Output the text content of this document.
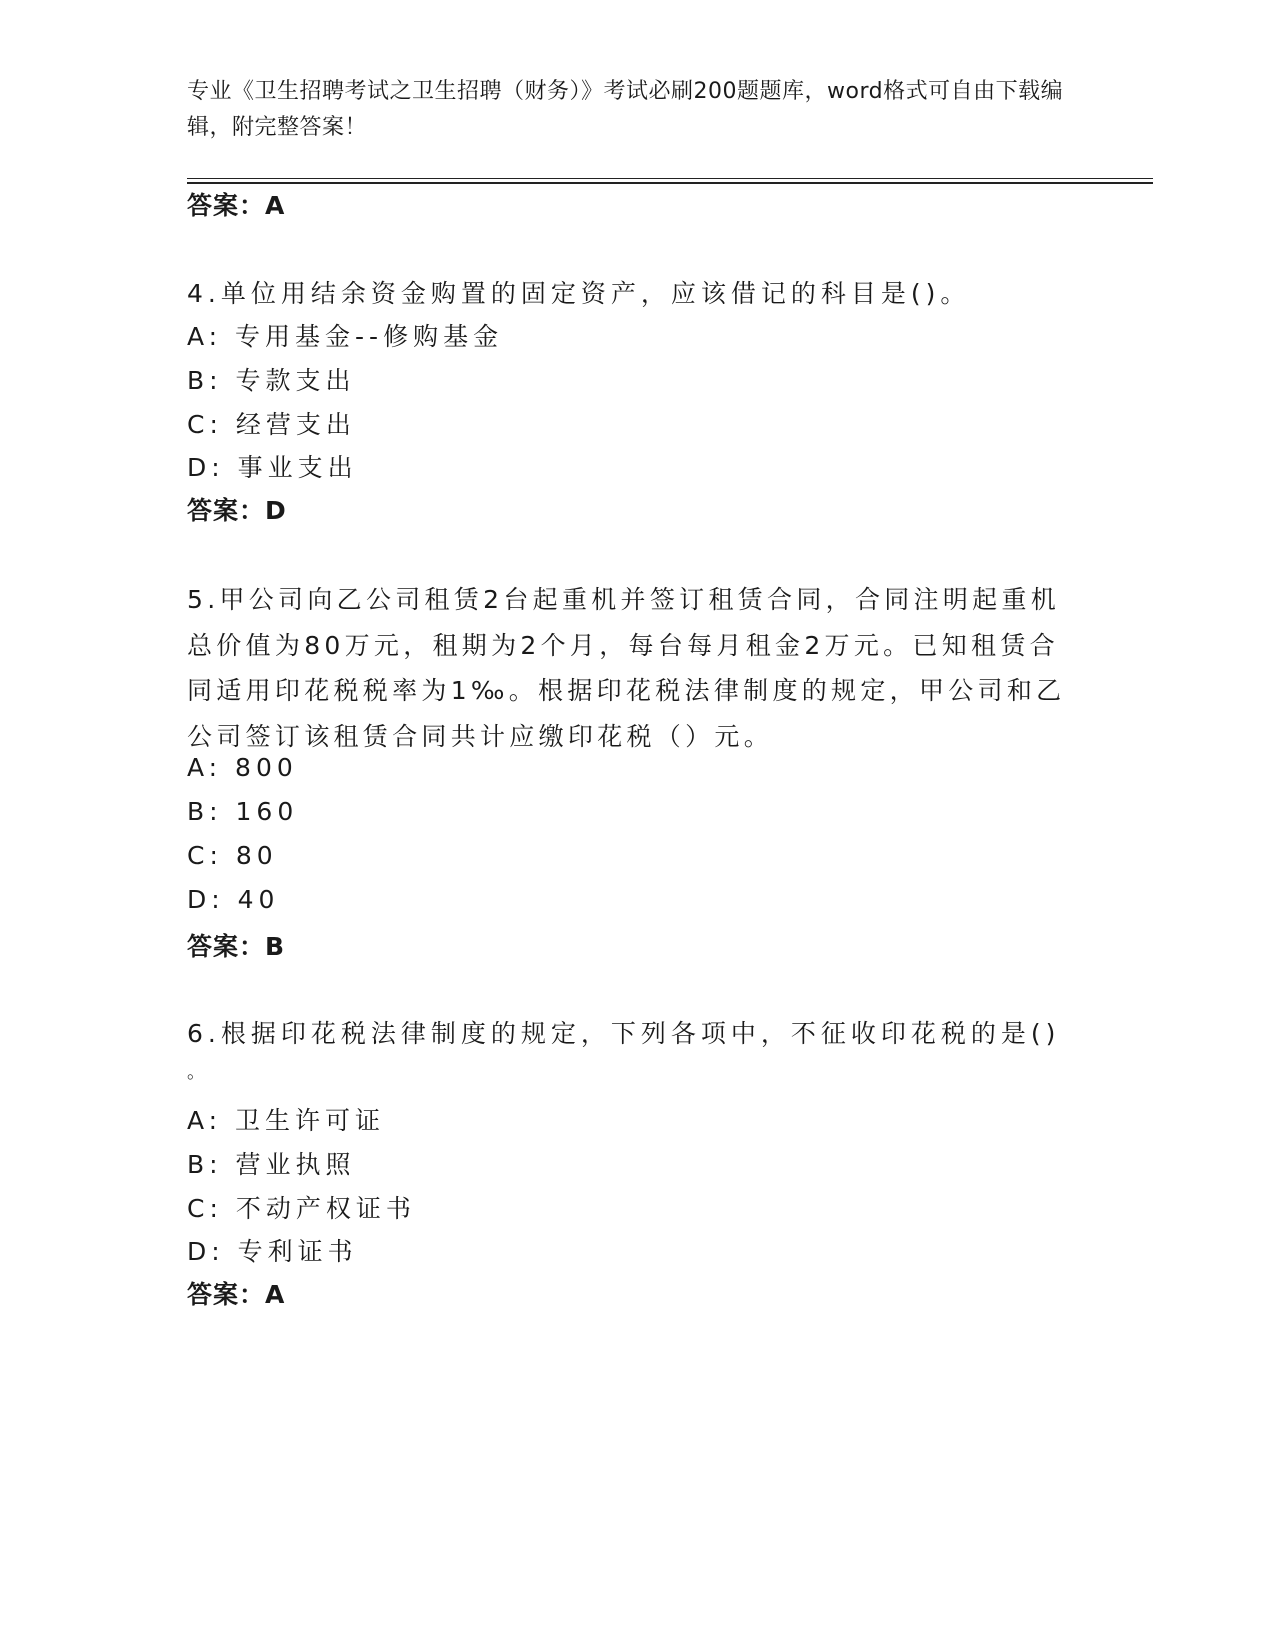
专业《卫生招聘考试之卫生招聘（财务）》考试必刷200题题库，word格式可自由下载编辑，附完整答案！
答案：A
4.单位用结余资金购置的固定资产，应该借记的科目是()。
A: 专用基金--修购基金
B: 专款支出
C: 经营支出
D: 事业支出
答案：D
5.甲公司向乙公司租赁2台起重机并签订租赁合同，合同注明起重机总价值为80万元，租期为2个月，每台每月租金2万元。已知租赁合同适用印花税税率为1‰。根据印花税法律制度的规定，甲公司和乙公司签订该租赁合同共计应缴印花税（）元。
A: 800
B: 160
C: 80
D: 40
答案：B
6.根据印花税法律制度的规定，下列各项中，不征收印花税的是()
。
A: 卫生许可证
B: 营业执照
C: 不动产权证书
D: 专利证书
答案：A
